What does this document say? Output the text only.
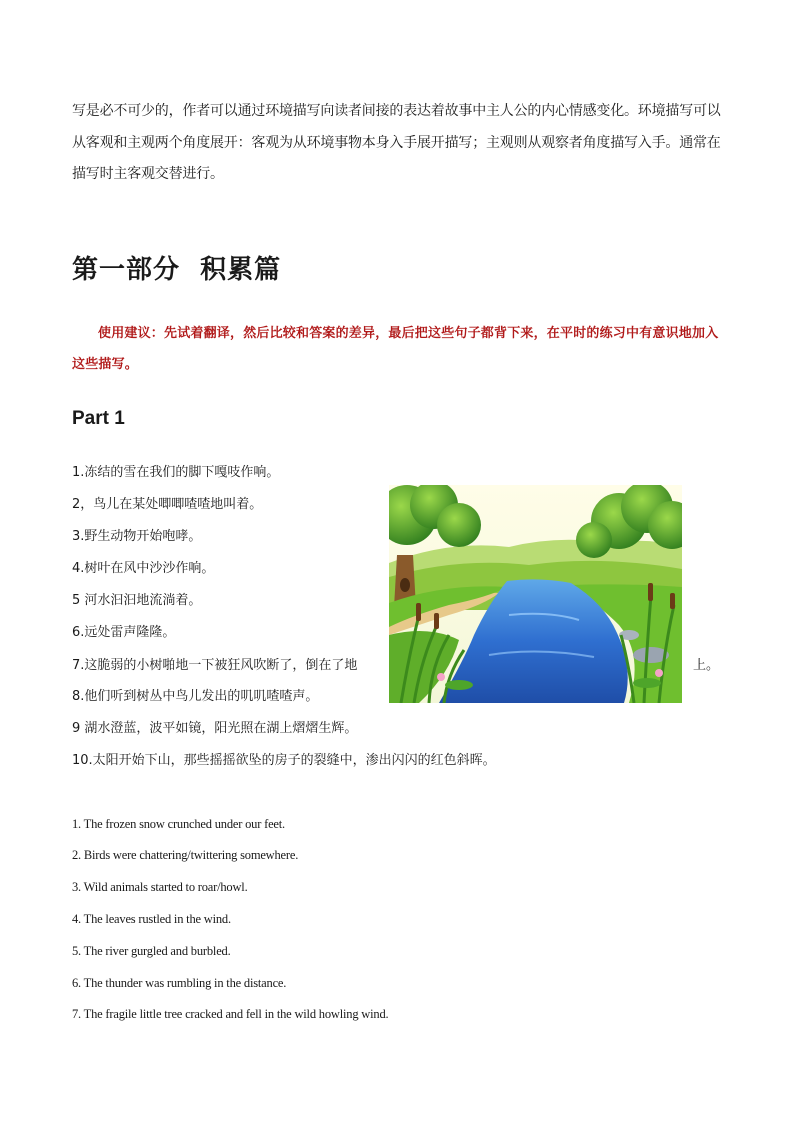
写是必不可少的，作者可以通过环境描写向读者间接的表达着故事中主人公的内心情感变化。环境描写可以从客观和主观两个角度展开：客观为从环境事物本身入手展开描写；主观则从观察者角度描写入手。通常在描写时主客观交替进行。

第一部分  积累篇

使用建议：先试着翻译，然后比较和答案的差异，最后把这些句子都背下来，在平时的练习中有意识地加入这些描写。

Part 1

1.冻结的雪在我们的脚下嘎吱作响。

2，鸟儿在某处唧唧喳喳地叫着。

3.野生动物开始咆哮。

4.树叶在风中沙沙作响。

5 河水汩汩地流淌着。

6.远处雷声隆隆。

7.这脆弱的小树啪地一下被狂风吹断了，倒在了地	上。

8.他们听到树丛中鸟儿发出的叽叽喳喳声。

9 湖水澄蓝，波平如镜，阳光照在湖上熠熠生辉。

10.太阳开始下山，那些摇摇欲坠的房子的裂缝中，渗出闪闪的红色斜晖。

1. The frozen snow crunched under our feet.

2. Birds were chattering/twittering somewhere.

3. Wild animals started to roar/howl.

4. The leaves rustled in the wind.

5. The river gurgled and burbled.

6. The thunder was rumbling in the distance.

7. The fragile little tree cracked and fell in the wild howling wind.
